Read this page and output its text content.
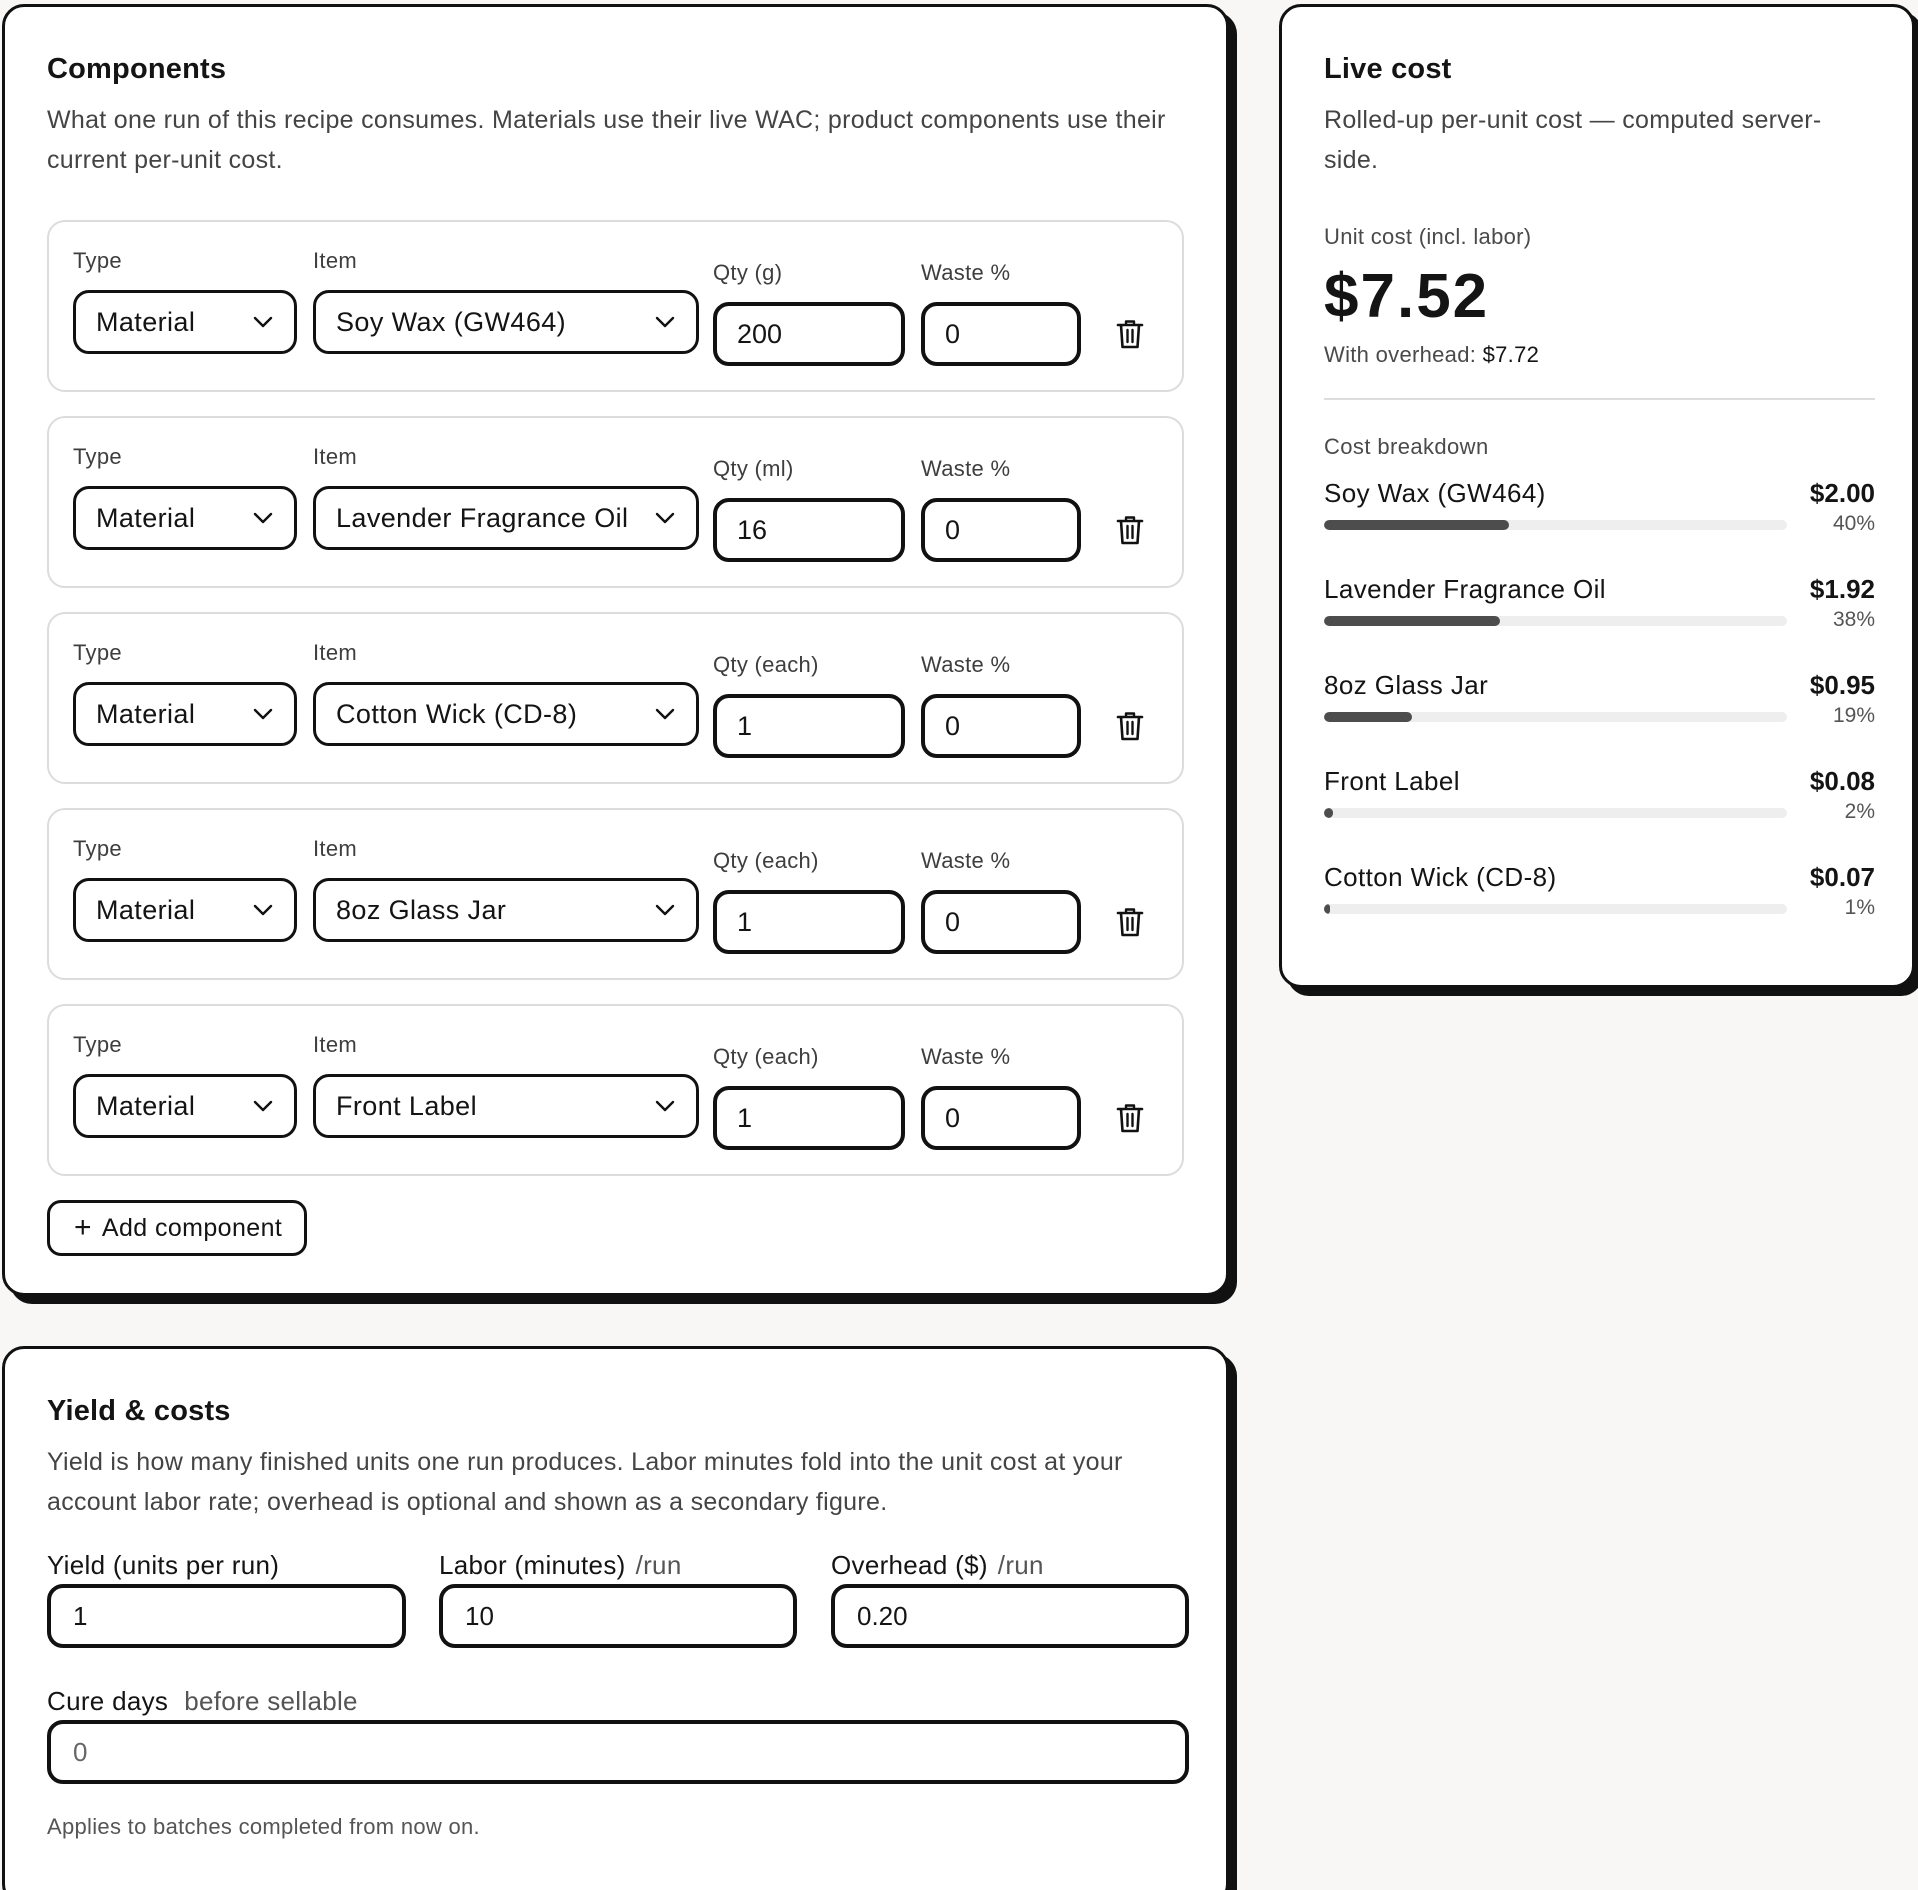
Components

What one run of this recipe consumes. Materials use their live WAC; product components use their current per-unit cost.

Type	Item	Qty (g)	Waste %
Material	Soy Wax (GW464)	200	0
Type	Item	Qty (ml)	Waste %
Material	Lavender Fragrance Oil	16	0
Type	Item	Qty (each)	Waste %
Material	Cotton Wick (CD-8)	1	0
Type	Item	Qty (each)	Waste %
Material	8oz Glass Jar	1	0
Type	Item	Qty (each)	Waste %
Material	Front Label	1	0
+ Add component
Yield & costs

Yield is how many finished units one run produces. Labor minutes fold into the unit cost at your account labor rate; overhead is optional and shown as a secondary figure.

Yield (units per run)
1
Labor (minutes) /run
10
Overhead ($) /run
0.20
Cure days before sellable
0
Applies to batches completed from now on.
Live cost

Rolled-up per-unit cost — computed server-side.

Unit cost (incl. labor)
$7.52
With overhead: $7.72
Cost breakdown
Soy Wax (GW464)	$2.00
40%
Lavender Fragrance Oil	$1.92
38%
8oz Glass Jar	$0.95
19%
Front Label	$0.08
2%
Cotton Wick (CD-8)	$0.07
1%
